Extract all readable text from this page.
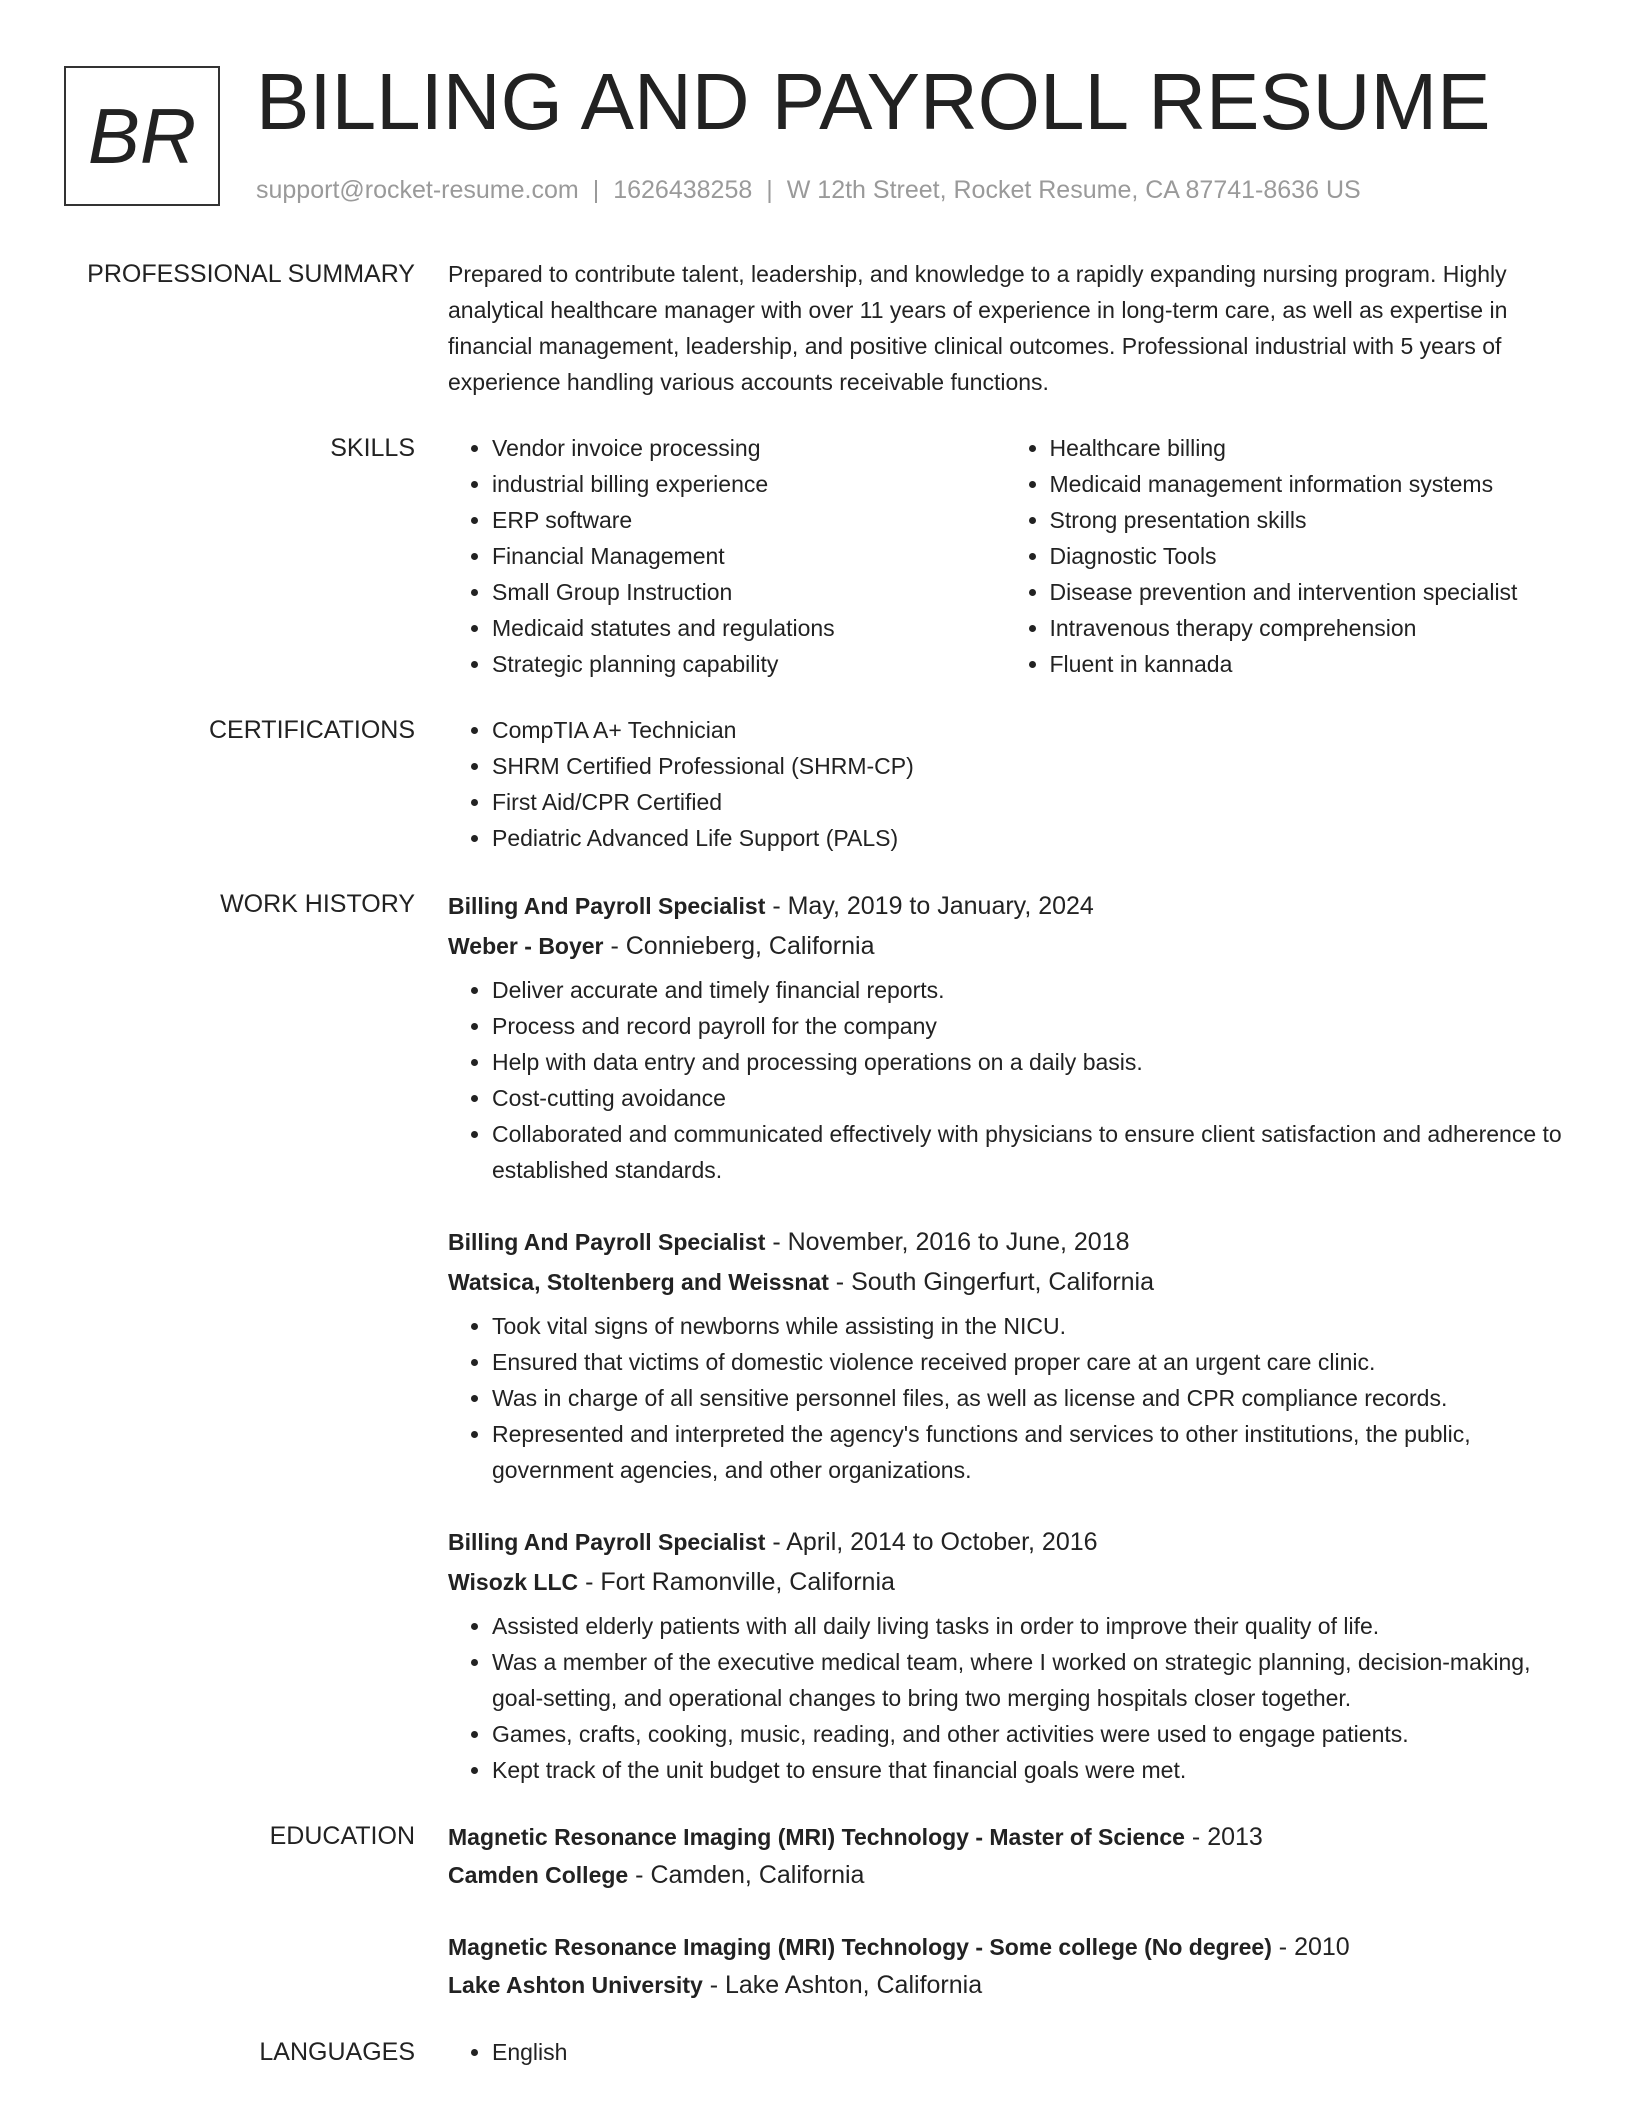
BR BILLING AND PAYROLL RESUME
support@rocket-resume.com | 1626438258 | W 12th Street, Rocket Resume, CA 87741-8636 US
PROFESSIONAL SUMMARY Prepared to contribute talent, leadership, and knowledge to a rapidly expanding nursing program. Highly analytical healthcare manager with over 11 years of experience in long-term care, as well as expertise in financial management, leadership, and positive clinical outcomes. Professional industrial with 5 years of experience handling various accounts receivable functions.

SKILLS	• Vendor invoice processing
• industrial billing experience
• ERP software
• Financial Management
• Small Group Instruction
• Medicaid statutes and regulations
• Strategic planning capability
• Healthcare billing
• Medicaid management information systems
• Strong presentation skills
• Diagnostic Tools
• Disease prevention and intervention specialist
• Intravenous therapy comprehension
• Fluent in kannada
CERTIFICATIONS	• CompTIA A+ Technician
• SHRM Certified Professional (SHRM-CP)
• First Aid/CPR Certified
• Pediatric Advanced Life Support (PALS)
WORK HISTORY Billing And Payroll Specialist - May, 2019 to January, 2024
Weber - Boyer - Connieberg, California
• Deliver accurate and timely financial reports.
• Process and record payroll for the company
• Help with data entry and processing operations on a daily basis.
• Cost-cutting avoidance
• Collaborated and communicated effectively with physicians to ensure client satisfaction and adherence to established standards.
Billing And Payroll Specialist - November, 2016 to June, 2018
Watsica, Stoltenberg and Weissnat - South Gingerfurt, California
• Took vital signs of newborns while assisting in the NICU.
• Ensured that victims of domestic violence received proper care at an urgent care clinic.
• Was in charge of all sensitive personnel files, as well as license and CPR compliance records.
• Represented and interpreted the agency's functions and services to other institutions, the public, government agencies, and other organizations.
Billing And Payroll Specialist - April, 2014 to October, 2016
Wisozk LLC - Fort Ramonville, California
• Assisted elderly patients with all daily living tasks in order to improve their quality of life.
• Was a member of the executive medical team, where I worked on strategic planning, decision-making, goal-setting, and operational changes to bring two merging hospitals closer together.
• Games, crafts, cooking, music, reading, and other activities were used to engage patients.
• Kept track of the unit budget to ensure that financial goals were met.
EDUCATION Magnetic Resonance Imaging (MRI) Technology - Master of Science - 2013
Camden College - Camden, California
Magnetic Resonance Imaging (MRI) Technology - Some college (No degree) - 2010
Lake Ashton University - Lake Ashton, California
LANGUAGES	• English
